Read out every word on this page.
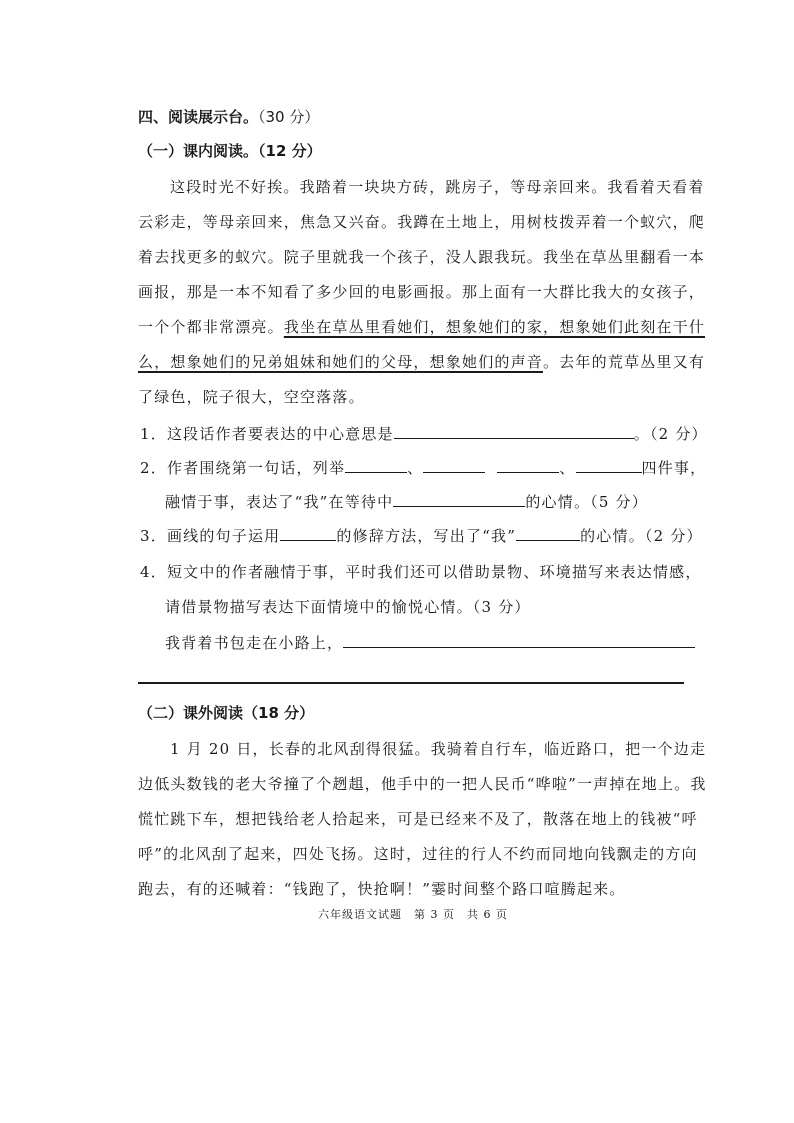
四、阅读展示台。（30 分）
（一）课内阅读。（12 分）
这段时光不好挨。我踏着一块块方砖，跳房子，等母亲回来。我看着天看着
云彩走，等母亲回来，焦急又兴奋。我蹲在土地上，用树枝拨弄着一个蚁穴，爬
着去找更多的蚁穴。院子里就我一个孩子，没人跟我玩。我坐在草丛里翻看一本
画报，那是一本不知看了多少回的电影画报。那上面有一大群比我大的女孩子，
一个个都非常漂亮。我坐在草丛里看她们，想象她们的家，想象她们此刻在干什
么，想象她们的兄弟姐妹和她们的父母，想象她们的声音。去年的荒草丛里又有
了绿色，院子很大，空空落落。
1．这段话作者要表达的中心意思是	。（2 分）
2．作者围绕第一句话，列举	、	、	四件事，
融情于事，表达了“我”在等待中	的心情。（5 分）
3．画线的句子运用	的修辞方法，写出了“我”	的心情。（2 分）
4．短文中的作者融情于事，平时我们还可以借助景物、环境描写来表达情感，
请借景物描写表达下面情境中的愉悦心情。（3 分）
我背着书包走在小路上，
（二）课外阅读（18 分）
1 月 20 日，长春的北风刮得很猛。我骑着自行车，临近路口，把一个边走
边低头数钱的老大爷撞了个趔趄，他手中的一把人民币“哗啦”一声掉在地上。我
慌忙跳下车，想把钱给老人拾起来，可是已经来不及了，散落在地上的钱被“呼
呼”的北风刮了起来，四处飞扬。这时，过往的行人不约而同地向钱飘走的方向
跑去，有的还喊着：“钱跑了，快抢啊！”霎时间整个路口喧腾起来。
六年级语文试题　第 3 页　共 6 页
